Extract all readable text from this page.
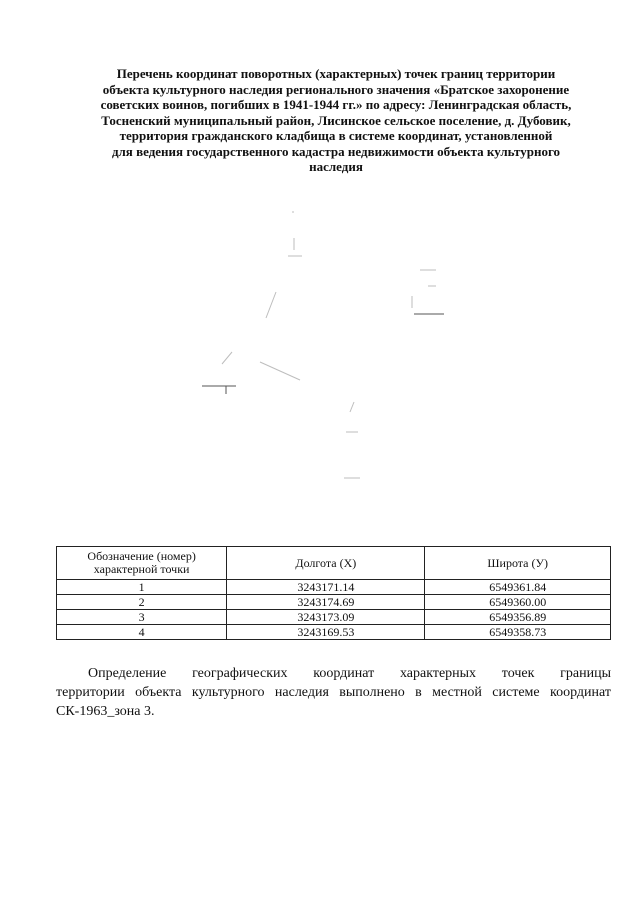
Перечень координат поворотных (характерных) точек границ территории
объекта культурного наследия регионального значения «Братское захоронение
советских воинов, погибших в 1941-1944 гг.» по адресу: Ленинградская область,
Тосненский муниципальный район, Лисинское сельское поселение, д. Дубовик,
территория гражданского кладбища в системе координат, установленной
для ведения государственного кадастра недвижимости объекта культурного
наследия
Обозначение (номер) характерной точки	Долгота (X)	Широта (У)
1	3243171.14	6549361.84
2	3243174.69	6549360.00
3	3243173.09	6549356.89
4	3243169.53	6549358.73
Определение географических координат характерных точек границы
территории объекта культурного наследия выполнено в местной системе координат
СК-1963_зона 3.
